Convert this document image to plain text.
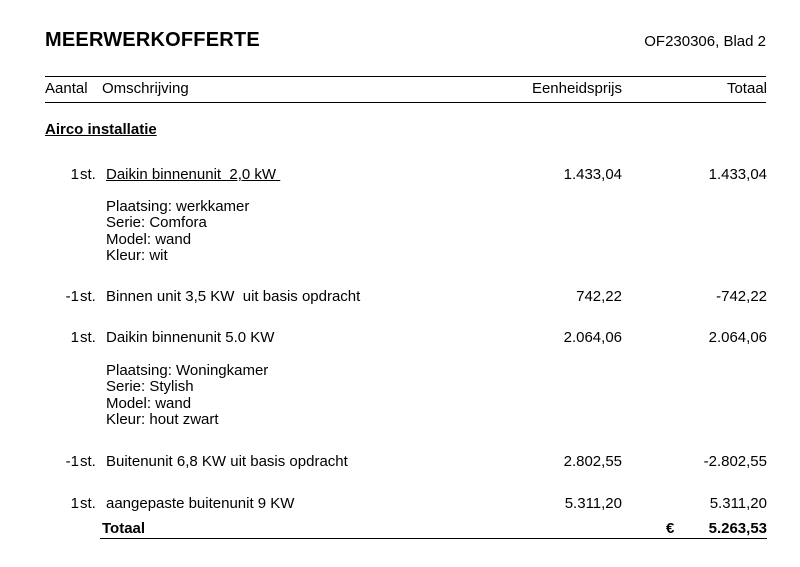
MEERWERKOFFERTE	OF230306, Blad 2
Aantal Omschrijving	Eenheidsprijs	Totaal
Airco installatie
1 st. Daikin binnenunit  2,0 kW	1.433,04	1.433,04
Plaatsing: werkkamer
Serie: Comfora
Model: wand
Kleur: wit
-1 st. Binnen unit 3,5 KW  uit basis opdracht	742,22	-742,22
1 st. Daikin binnenunit 5.0 KW	2.064,06	2.064,06
Plaatsing: Woningkamer
Serie: Stylish
Model: wand
Kleur: hout zwart
-1 st. Buitenunit 6,8 KW uit basis opdracht	2.802,55	-2.802,55
1 st. aangepaste buitenunit 9 KW	5.311,20	5.311,20
Totaal	€ 5.263,53
